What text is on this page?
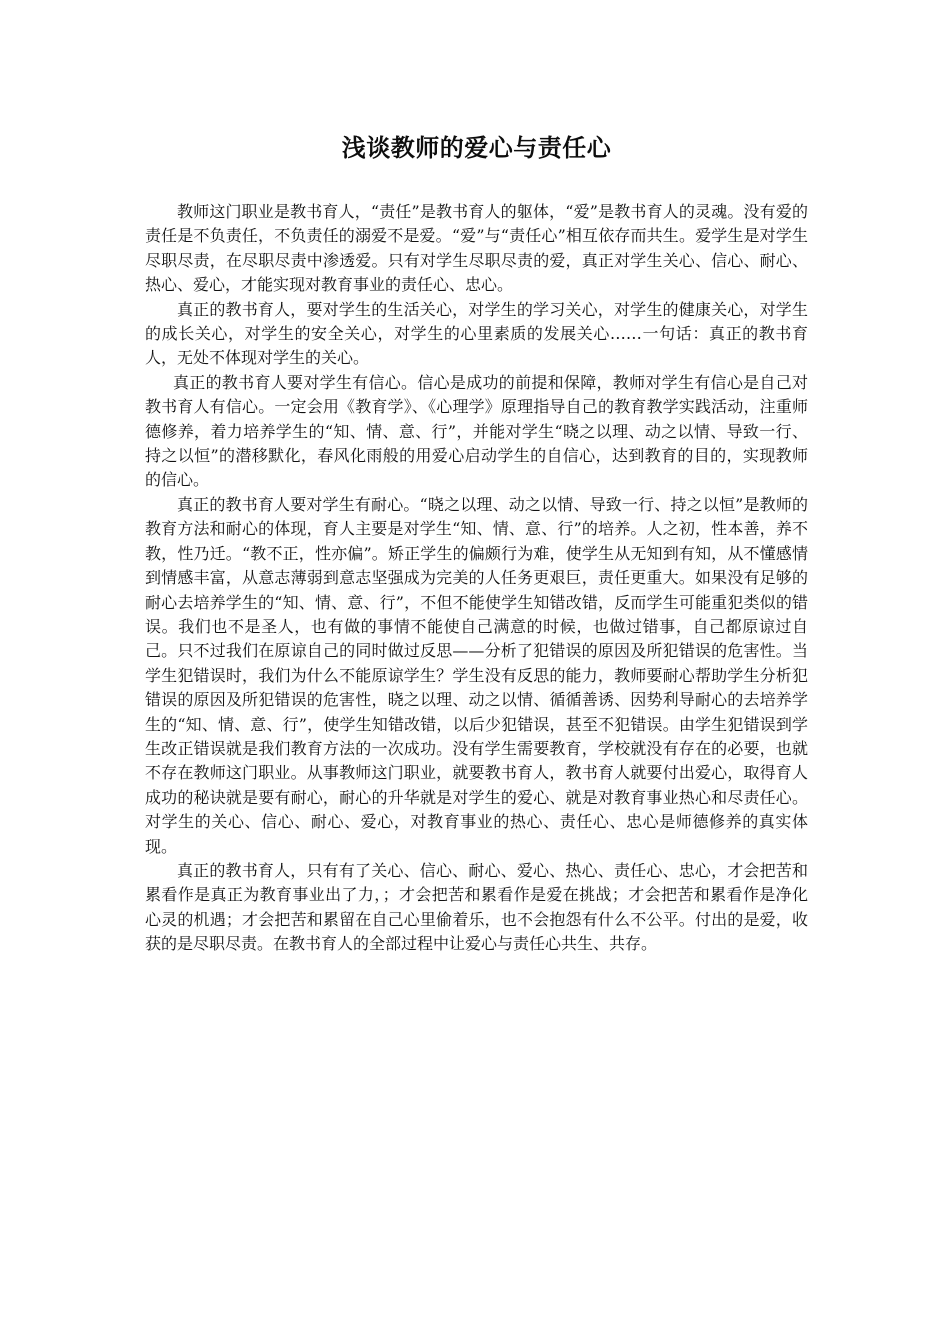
浅谈教师的爱心与责任心

教师这门职业是教书育人，“责任”是教书育人的躯体，“爱”是教书育人的灵魂。没有爱的责任是不负责任，不负责任的溺爱不是爱。“爱”与“责任心”相互依存而共生。爱学生是对学生尽职尽责，在尽职尽责中渗透爱。只有对学生尽职尽责的爱，真正对学生关心、信心、耐心、热心、爱心，才能实现对教育事业的责任心、忠心。

真正的教书育人，要对学生的生活关心，对学生的学习关心，对学生的健康关心，对学生的成长关心，对学生的安全关心，对学生的心里素质的发展关心……一句话：真正的教书育人，无处不体现对学生的关心。

真正的教书育人要对学生有信心。信心是成功的前提和保障，教师对学生有信心是自己对教书育人有信心。一定会用《教育学》、《心理学》原理指导自己的教育教学实践活动，注重师德修养，着力培养学生的“知、情、意、行”，并能对学生“晓之以理、动之以情、导致一行、持之以恒”的潜移默化，春风化雨般的用爱心启动学生的自信心，达到教育的目的，实现教师的信心。

真正的教书育人要对学生有耐心。“晓之以理、动之以情、导致一行、持之以恒”是教师的教育方法和耐心的体现，育人主要是对学生“知、情、意、行”的培养。人之初，性本善，养不教，性乃迁。“教不正，性亦偏”。矫正学生的偏颇行为难，使学生从无知到有知，从不懂感情到情感丰富，从意志薄弱到意志坚强成为完美的人任务更艰巨，责任更重大。如果没有足够的耐心去培养学生的“知、情、意、行”，不但不能使学生知错改错，反而学生可能重犯类似的错误。我们也不是圣人，也有做的事情不能使自己满意的时候，也做过错事，自己都原谅过自己。只不过我们在原谅自己的同时做过反思——分析了犯错误的原因及所犯错误的危害性。当学生犯错误时，我们为什么不能原谅学生？学生没有反思的能力，教师要耐心帮助学生分析犯错误的原因及所犯错误的危害性，晓之以理、动之以情、循循善诱、因势利导耐心的去培养学生的“知、情、意、行”，使学生知错改错，以后少犯错误，甚至不犯错误。由学生犯错误到学生改正错误就是我们教育方法的一次成功。没有学生需要教育，学校就没有存在的必要，也就不存在教师这门职业。从事教师这门职业，就要教书育人，教书育人就要付出爱心，取得育人成功的秘诀就是要有耐心，耐心的升华就是对学生的爱心、就是对教育事业热心和尽责任心。对学生的关心、信心、耐心、爱心，对教育事业的热心、责任心、忠心是师德修养的真实体现。

真正的教书育人，只有有了关心、信心、耐心、爱心、热心、责任心、忠心，才会把苦和累看作是真正为教育事业出了力，；才会把苦和累看作是爱在挑战；才会把苦和累看作是净化心灵的机遇；才会把苦和累留在自己心里偷着乐，也不会抱怨有什么不公平。付出的是爱，收获的是尽职尽责。在教书育人的全部过程中让爱心与责任心共生、共存。
